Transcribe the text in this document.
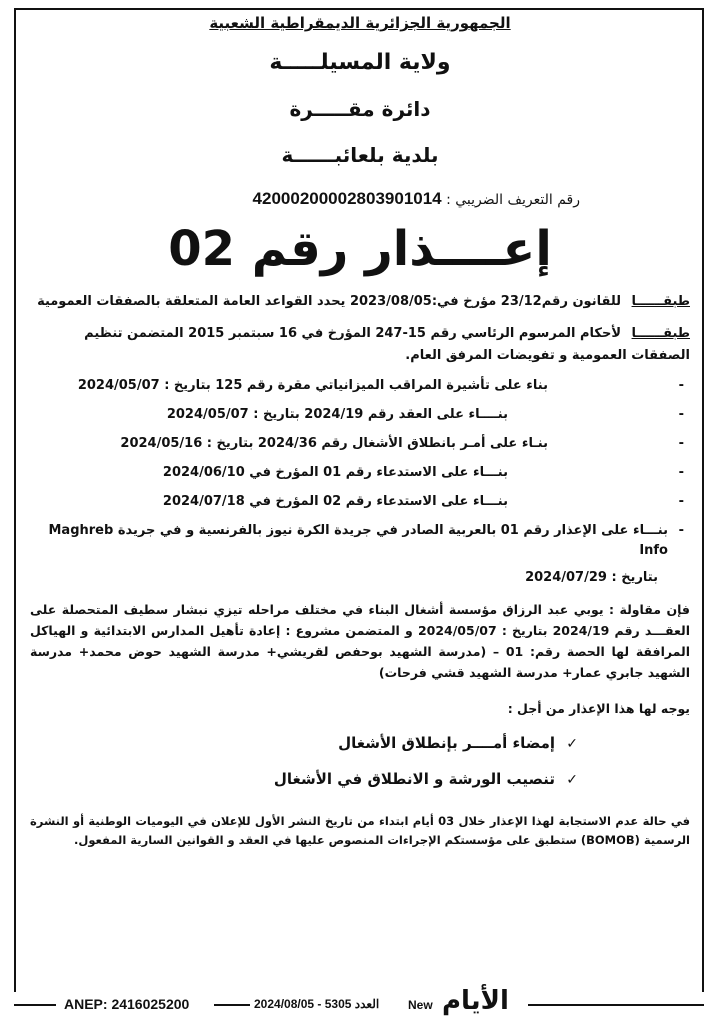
الجمهورية الجزائرية الديمقراطية الشعبية
ولاية المسيلـــــة
دائرة مقـــــرة
بلدية بلعائبــــــة
رقم التعريف الضريبي : 420002000028039010‎14
إعــــذار رقم 02
طبقــــــا للقانون رقم23/12 مؤرخ في:2023/08/05 يحدد القواعد العامة المتعلقة بالصفقات العمومية
طبقــــــا لأحكام المرسوم الرئاسي رقم 15-247 المؤرخ في 16 سبتمبر 2015 المتضمن تنظيم الصفقات العمومية و تفويضات المرفق العام.
- بناء على تأشيرة المراقب الميزانياتي مقرة رقم 125 بتاريخ : 2024/05/07
- بنــــاء على العقد رقم 2024/19 بتاريخ : 2024/05/07
- بنـاء على أمـر بانطلاق الأشغال رقم 2024/36 بتاريخ : 2024/05/16
- بنـــاء على الاستدعاء رقم 01 المؤرخ في 2024/06/10
- بنـــاء على الاستدعاء رقم 02 المؤرخ في 2024/07/18
- بنـــاء على الإعذار رقم 01 بالعربية الصادر في جريدة الكرة نيوز بالفرنسية و في جريدة Maghreb Info
بتاريخ : 2024/07/29
فإن مقاولة : يوبي عبد الرزاق مؤسسة أشغال البناء في مختلف مراحله تيزي نبشار سطيف المتحصلة على العقـــد رقم 2024/19 بتاريخ : 2024/05/07 و المتضمن مشروع : إعادة تأهيل المدارس الابتدائية و الهياكل المرافقة لها الحصة رقم: 01 – (مدرسة الشهيد بوحفص لقريشي+ مدرسة الشهيد حوض محمد+ مدرسة الشهيد جابري عمار+ مدرسة الشهيد قشي فرحات)
يوجه لها هذا الإعذار من أجل :
✓ إمضاء أمــــر بإنطلاق الأشغال
✓ تنصيب الورشة و الانطلاق في الأشغال
في حالة عدم الاستجابة لهذا الإعذار خلال 03 أيام ابتداء من تاريخ النشر الأول للإعلان في اليوميات الوطنية أو النشرة الرسمية (BOMOB) ستطبق على مؤسستكم الإجراءات المنصوص عليها في العقد و القوانين السارية المفعول.
ANEP: 2416025200	2024/08/05 - 5305 العدد	New الأيام
